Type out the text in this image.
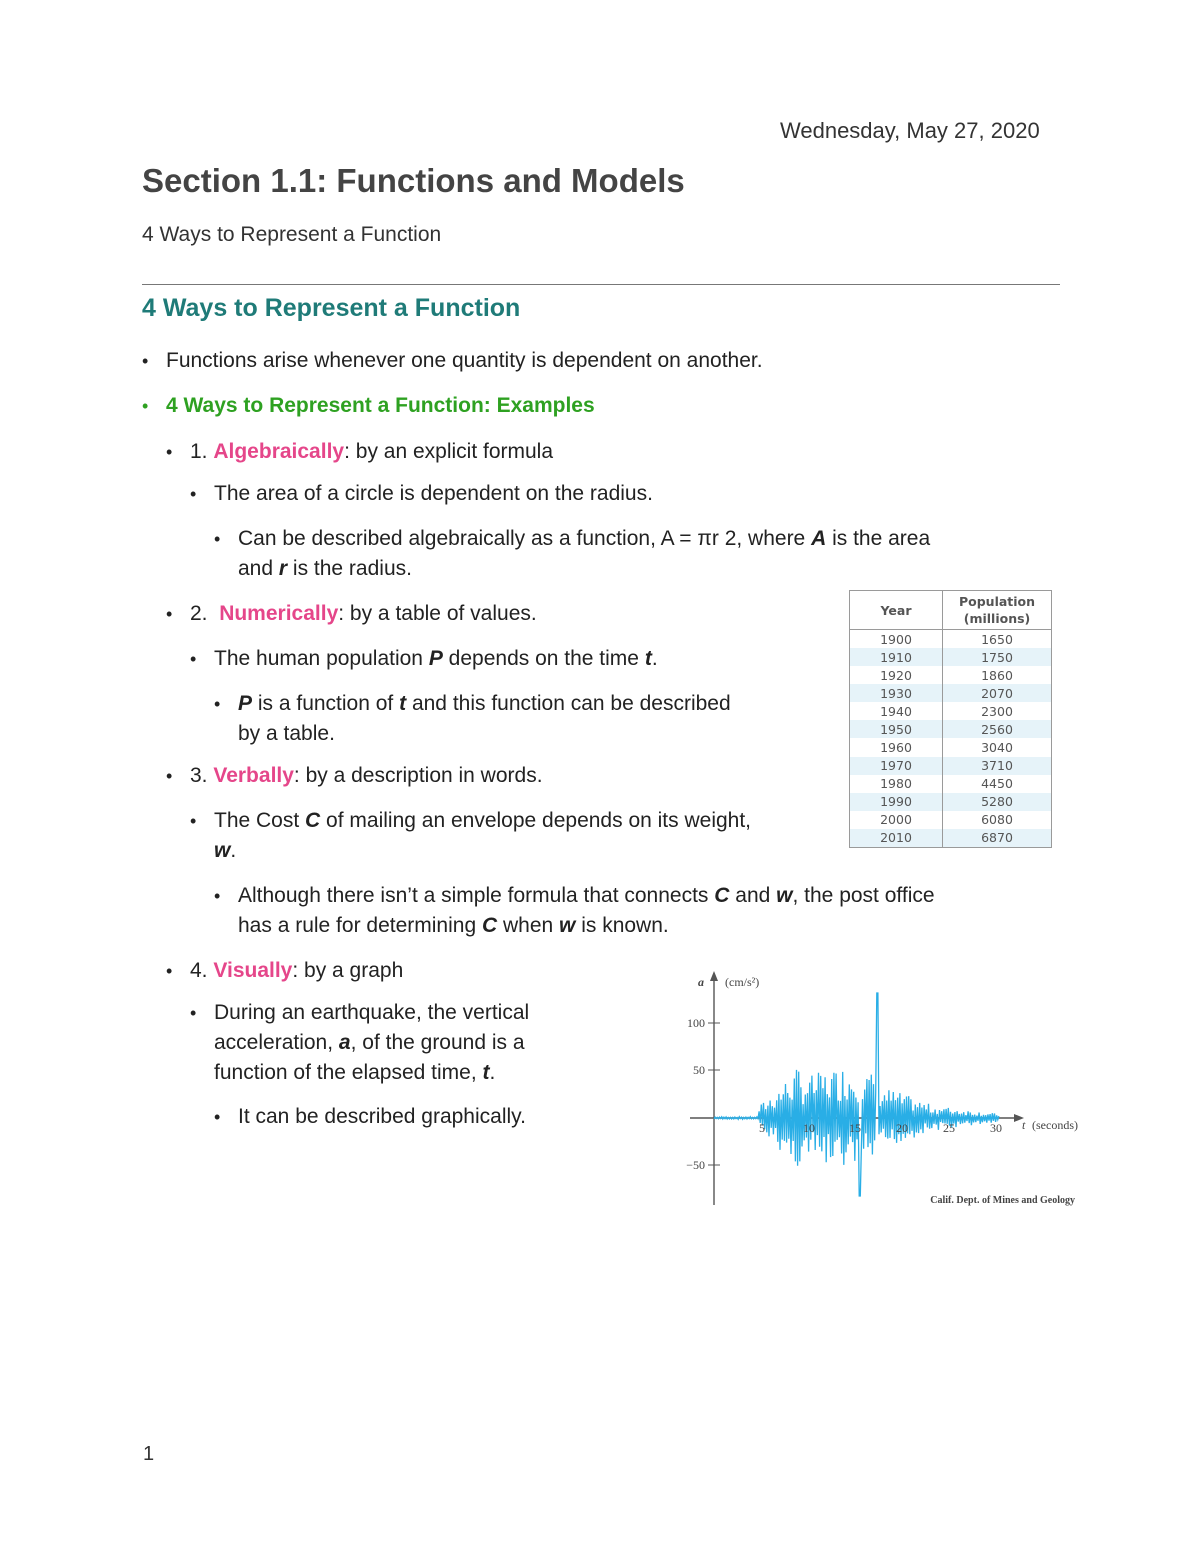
Wednesday, May 27, 2020
Section 1.1: Functions and Models
4 Ways to Represent a Function
4 Ways to Represent a Function
• Functions arise whenever one quantity is dependent on another.
• 4 Ways to Represent a Function: Examples
• 1. Algebraically: by an explicit formula
• The area of a circle is dependent on the radius.
• Can be described algebraically as a function, A = πr 2, where A is the area
and r is the radius.
• 2.  Numerically: by a table of values.
• The human population P depends on the time t.
• P is a function of t and this function can be described
by a table.
Year	Population
(millions)
1900	1650
1910	1750
1920	1860
1930	2070
1940	2300
1950	2560
1960	3040
1970	3710
1980	4450
1990	5280
2000	6080
2010	6870
• 3. Verbally: by a description in words.
• The Cost C of mailing an envelope depends on its weight,
w.
• Although there isn’t a simple formula that connects C and w, the post office
has a rule for determining C when w is known.
• 4. Visually: by a graph
• During an earthquake, the vertical
acceleration, a, of the ground is a
function of the elapsed time, t.
• It can be described graphically.
100
50
−50
5	10	15	20	25	30
a (cm/s²)
t (seconds)
Calif. Dept. of Mines and Geology
1
